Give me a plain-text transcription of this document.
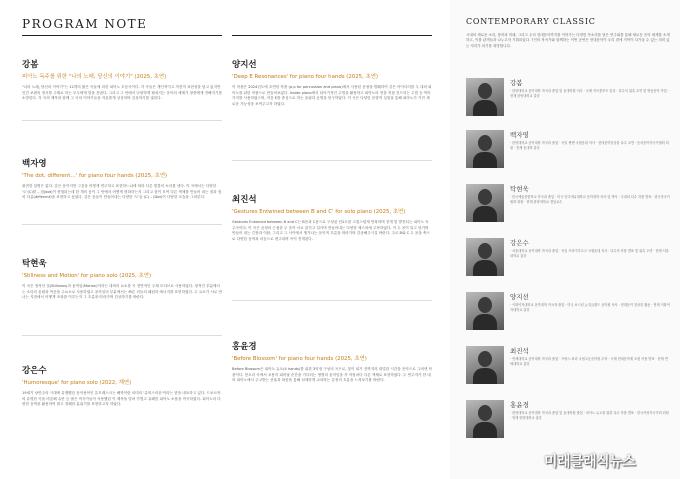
PROGRAM NOTE
강봄
피아노 독주를 위한 "나의 노래, 당신의 이야기" (2025, 초연)
"나의 노래, 당신의 이야기"는 12개의 짧은 곡들에 의한 피아노 모음곡이다. 각 곡들은 개인적이고 자전적 표현성을 담고 있지만 인간 보편의 정서를 주제로 하는 모두에게 말을 건넨다. 그리고 그 안에서 다양하게 펼쳐지는 음악의 세계가 청중에게 전해지기를 소망한다. 각 곡의 제목과 함께 그 곡의 이야기들을 자유롭게 상상하며 감상하기를 권한다.
백자영
'The dot, different…' for piano four hands (2025, 초연)
완전한 설명은 없다. 같은 음이지만 그것을 어떻게 연주하고 표현하느냐에 따라 다른 빛깔의 소리를 낸다. 이 곡에서는 다양한 '도'(C)를 – 점(dot)이 중첩되는데 한 개의 음이 그 안에서 어떻게 변화하는지 그리고 점이 모여 다른 색채를 만들어 내는 점과 점의 다름(different)을 표현하고 싶었다. 같은 음들이 만들어내는 다양한 '도'들 (C) – (Dot)이 다양한 모습을 그려본다.
탁현욱
'Stillness and Motion' for piano solo (2025, 초연)
이 곡은 정적인 것(Stillness)과 움직임(Motion)이라는 대비의 요소를 곡 전반적인 주제 모티브로 사용하였다. 정적인 부분에서는 소리의 울림과 여운을 주요소로 사용하였고 움직임의 부분에서는 빠른 리듬의 패턴과 에너지를 표현하였다. 두 요소가 서로 만나는 지점에서 어떻게 조화를 이루는지 그 흐름을 따라가며 감상하기를 바란다.
강은수
'Humoresque' for piano solo (2022, 재연)
19세기 낭만주의 시대에 유행했던 음악용어인 유모레스크는 해학이란 의미의 '유머스러운'이라는 뜻을 내포하고 있다. 드보르작의 유명한 곡을 비롯해 슈만 등 많은 작곡가들이 사용했던 이 제목을 빌려 가볍고 유쾌한 피아노 소품을 작곡하였다. 피아노의 다양한 음색을 활용하여 밝고 경쾌한 분위기를 표현하고자 하였다.
양지선
'Deep E Resonances' for piano four hands (2025, 초연)
이 작품은 2024년도에 초연한 작품 (p.p for percussion and piano)에서 사용된 음형을 발췌하여 같은 아이디어를 두 대의 피아노를 위한 작품으로 만들어보았다. Inside piano에서 타악기적인 주법을 활용하고 피아노의 현을 직접 건드리는 주법 등 여러 가지를 사용하였으며, 저음 E를 중심으로 하는 울림과 공명을 탐구하였다. 이 곡은 다양한 음향적 실험을 통해 피아노가 가진 새로운 가능성을 보여주고자 하였다.
최진석
'Gestures Entwined between B and C' for solo piano (2025, 초연)
Gestures Entwined between B and C는 B음과 C음으로 구성된 단2도를 고집스럽게 반복하며 전개 및 발전되는 피아노 독주곡이다. 이 곡은 음정의 근접한 두 음이 서로 얽히고 설키며 만들어내는 다양한 제스처에 주목하였다. 이 두 음이 밀고 당기며 만들어 내는 긴장과 이완, 그리고 그 사이에서 생겨나는 음악적 흐름을 따라가며 감상해주시길 바란다. 주로 B와 C 두 음을 축으로 다양한 음역과 리듬으로 변주되며 곡이 전개된다.
홍윤경
'Before Blossom' for piano four hands (2025, 초연)
Before Blossom은 피아노 듀오(4 hands)를 위한 3악장 구성의 곡으로, 꽃이 피기 전까지의 내밀한 시간을 음악으로 그려낸 작품이다. 봉오리 속에서 조용히 피어날 순간을 기다리는 생명의 움직임을 각 악장마다 다른 색채로 표현하였다. 두 연주자가 한 대의 피아노에서 주고받는 선율과 화음을 통해 섬세하게 교차하는 감정의 흐름을 느껴보기를 바란다.
CONTEMPORARY CLASSIC
시대의 새로운 소리, 창작과 미래, 그리고 우리 현대음악까지를 이어가는 다양한 목소리를 담은 연주회를 통해 새로운 음악 세계를 소개하고, 이를 관객들과 나누고자 기획되었다. 7인의 작곡가와 함께하는 이번 공연은 현대음악이 우리 곁에 가까이 다가올 수 있는 의미 있는 자리가 되기를 희망합니다.
강봄
· 한양대학교 음악대학 작곡과 졸업 및 동대학원 석사 · 국제 작곡콩쿠르 입상 · 다수의 위촉 초연 및 방송음악 작업 · 현재 한양대학교 출강
백자영
· 한양대학교 음악대학 작곡과 졸업 · 독일 뮌헨 국립음대 석사 · 현대음악앙상블 다수 초연 · 동서음악작곡가협회 회원 · 현재 동대학 출강
탁현욱
· 한국예술종합학교 작곡과 졸업 · 미국 인디애나대학교 음악대학 석사 및 박사 · 국내외 다수 작품 발표 · 한국작곡가협회 회원 · 현재 한양대학교 겸임교수
강은수
· 서울대학교 음악대학 작곡과 졸업 · 독일 프라이부르크 국립음대 석사 · 다수의 작품 발표 및 위촉 초연 · 현재 서울대학교 출강
양지선
· 이화여자대학교 음악대학 작곡과 졸업 · 미국 보스턴 뉴잉글랜드 음악원 석사 · 현대음악 앙상블 활동 · 현재 이화여자대학교 출강
최진석
· 연세대학교 음악대학 작곡과 졸업 · 프랑스 파리 국립고등음악원 수학 · 국제 현대음악제 초청 작품 발표 · 현재 연세대학교 출강
홍윤경
· 한양대학교 음악대학 작곡과 졸업 및 동대학원 졸업 · 피아노 듀오를 위한 다수 작품 발표 · 한국여성작곡가회 회원 · 현재 한양대학교 출강
미래클래식뉴스
